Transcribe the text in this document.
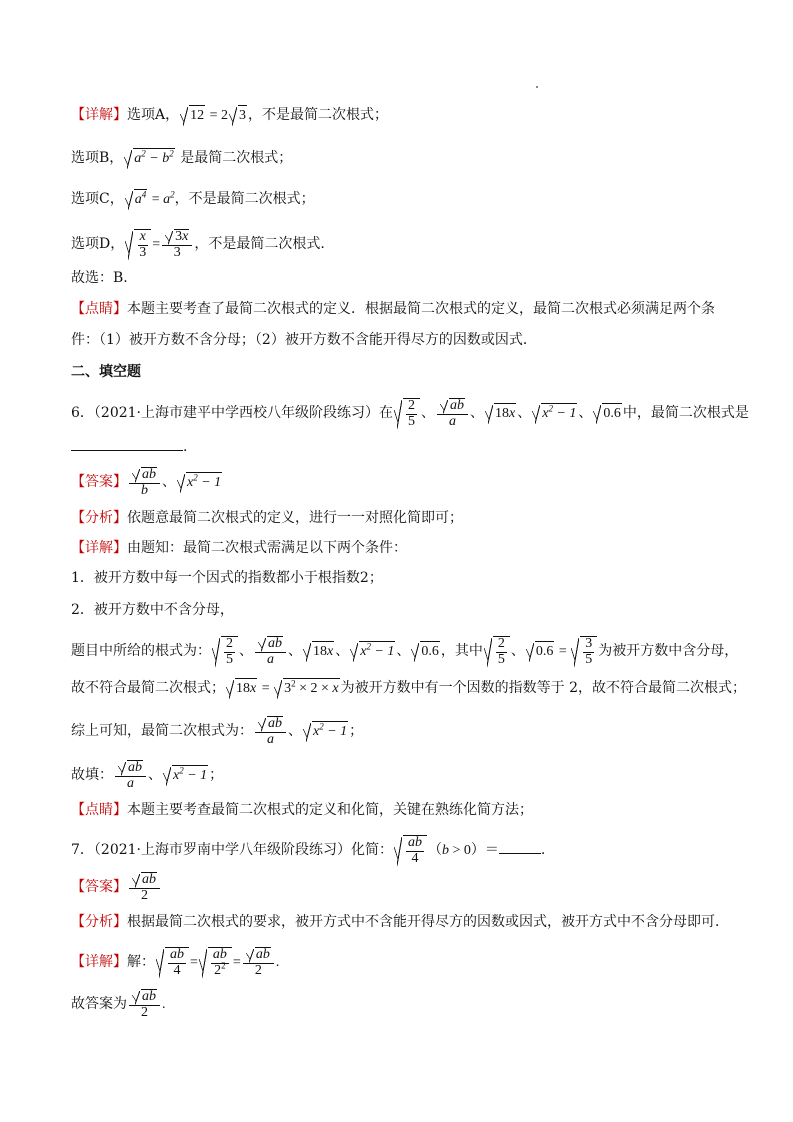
【详解】选项A， 12 = 2 3 ，不是最简二次根式；
选项B， $a^2 - b^2$ 是最简二次根式；
选项C， $a^4 = a^2$，不是最简二次根式；
选项D， $\frac{x}{3} = \frac{3x}{3}$ ，不是最简二次根式.
故选：B.
【点睛】本题主要考查了最简二次根式的定义．根据最简二次根式的定义，最简二次根式必须满足两个条
件：（1）被开方数不含分母；（2）被开方数不含能开得尽方的因数或因式．
二、填空题
6．（2021·上海市建平中学西校八年级阶段练习）在 $\frac{2}{5}$ 、 $\frac{ab}{a}$ 、 18x 、 $x^2 - 1$ 、 0.6 中，最简二次根式是
.
【答案】 $\frac{ab}{b}$ 、 $x^2 - 1$
【分析】依题意最简二次根式的定义，进行一一对照化简即可；
【详解】由题知：最简二次根式需满足以下两个条件：
1．被开方数中每一个因式的指数都小于根指数2；
2．被开方数中不含分母，
题目中所给的根式为： $\frac{2}{5}$ 、 $\frac{ab}{a}$ 、 18x 、 $x^2 - 1$ 、 0.6 ，其中 $\frac{2}{5}$ 、 $0.6 = \frac{3}{5}$ 为被开方数中含分母，
故不符合最简二次根式； $18x = 3^2 \times 2 \times x$ 为被开方数中有一个因数的指数等于 2，故不符合最简二次根式；
综上可知，最简二次根式为： $\frac{ab}{a}$ 、 $x^2 - 1$ ；
故填： $\frac{ab}{a}$ 、 $x^2 - 1$ ；
【点睛】本题主要考查最简二次根式的定义和化简，关键在熟练化简方法；
7．（2021·上海市罗南中学八年级阶段练习）化简： $\frac{ab}{4} (b > 0)=$	.
【答案】 $\frac{ab}{2}$
【分析】根据最简二次根式的要求，被开方式中不含能开得尽方的因数或因式，被开方式中不含分母即可．
【详解】解： $\frac{ab}{4} = \frac{ab}{2^2} = \frac{ab}{2}$ .
故答案为 $\frac{ab}{2}$ .
